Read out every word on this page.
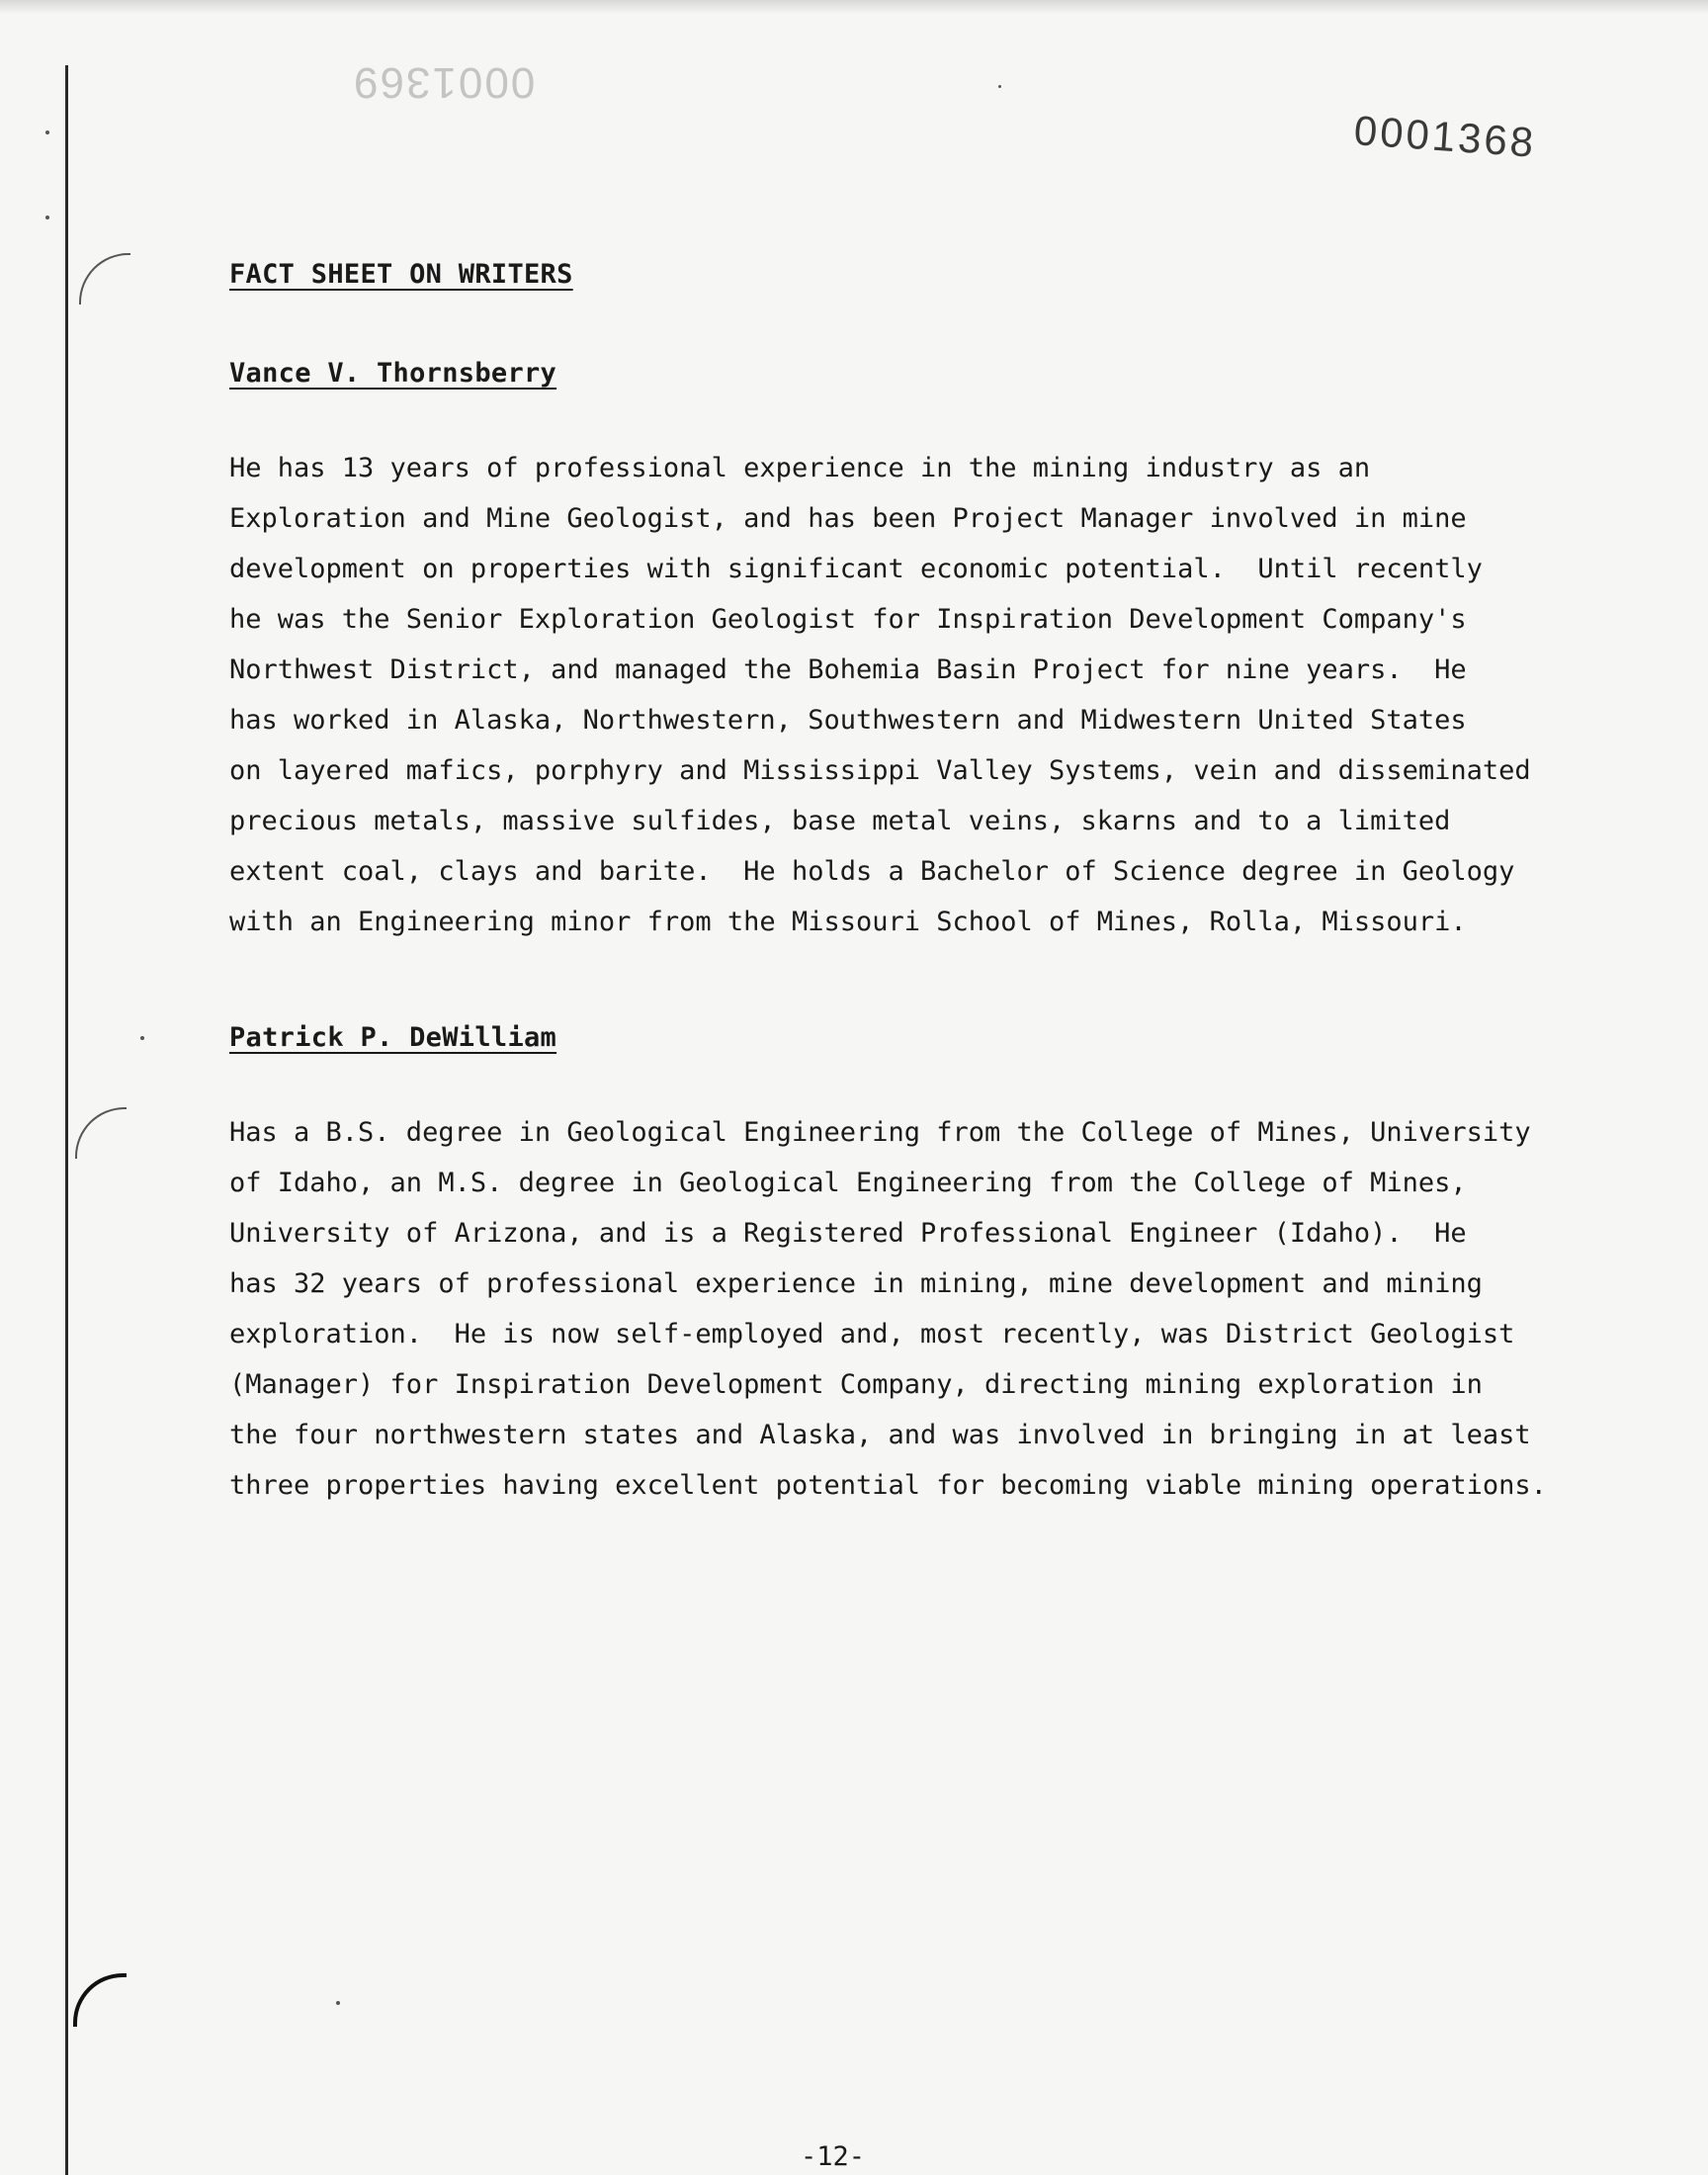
0001369
0001368
FACT SHEET ON WRITERS
Vance V. Thornsberry

He has 13 years of professional experience in the mining industry as an

Exploration and Mine Geologist, and has been Project Manager involved in mine

development on properties with significant economic potential.  Until recently

he was the Senior Exploration Geologist for Inspiration Development Company's

Northwest District, and managed the Bohemia Basin Project for nine years.  He

has worked in Alaska, Northwestern, Southwestern and Midwestern United States

on layered mafics, porphyry and Mississippi Valley Systems, vein and disseminated

precious metals, massive sulfides, base metal veins, skarns and to a limited

extent coal, clays and barite.  He holds a Bachelor of Science degree in Geology

with an Engineering minor from the Missouri School of Mines, Rolla, Missouri.

Patrick P. DeWilliam

Has a B.S. degree in Geological Engineering from the College of Mines, University

of Idaho, an M.S. degree in Geological Engineering from the College of Mines,

University of Arizona, and is a Registered Professional Engineer (Idaho).  He

has 32 years of professional experience in mining, mine development and mining

exploration.  He is now self-employed and, most recently, was District Geologist

(Manager) for Inspiration Development Company, directing mining exploration in

the four northwestern states and Alaska, and was involved in bringing in at least

three properties having excellent potential for becoming viable mining operations.

-12-
